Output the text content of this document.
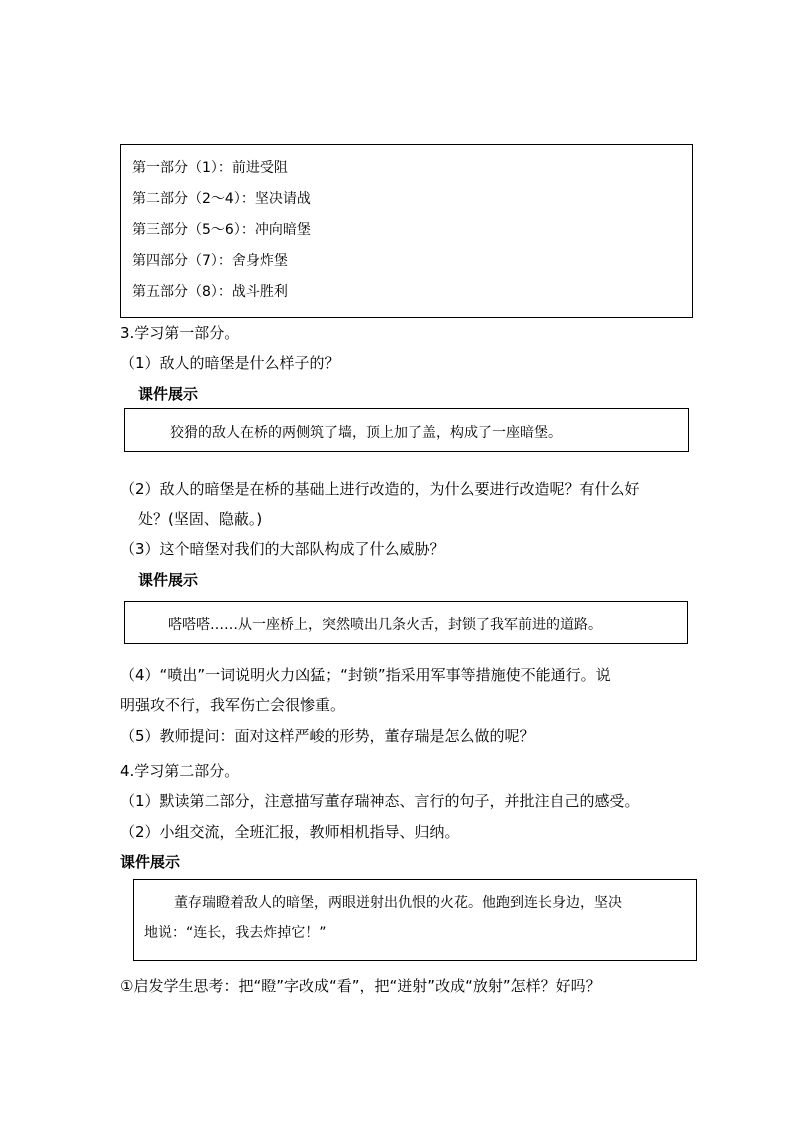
第一部分（1）：前进受阻
第二部分（2～4）：坚决请战
第三部分（5～6）：冲向暗堡
第四部分（7）：舍身炸堡
第五部分（8）：战斗胜利
3.学习第一部分。
（1）敌人的暗堡是什么样子的？
课件展示
狡猾的敌人在桥的两侧筑了墙，顶上加了盖，构成了一座暗堡。
（2）敌人的暗堡是在桥的基础上进行改造的，为什么要进行改造呢？有什么好
处？(坚固、隐蔽。)
（3）这个暗堡对我们的大部队构成了什么威胁？
课件展示
嗒嗒嗒……从一座桥上，突然喷出几条火舌，封锁了我军前进的道路。
（4）“喷出”一词说明火力凶猛；“封锁”指采用军事等措施使不能通行。说
明强攻不行，我军伤亡会很惨重。
（5）教师提问：面对这样严峻的形势，董存瑞是怎么做的呢？
4.学习第二部分。
（1）默读第二部分，注意描写董存瑞神态、言行的句子，并批注自己的感受。
（2）小组交流，全班汇报，教师相机指导、归纳。
课件展示
董存瑞瞪着敌人的暗堡，两眼迸射出仇恨的火花。他跑到连长身边，坚决
地说：“连长，我去炸掉它！”
①启发学生思考：把“瞪”字改成“看”，把“迸射”改成“放射”怎样？好吗？
